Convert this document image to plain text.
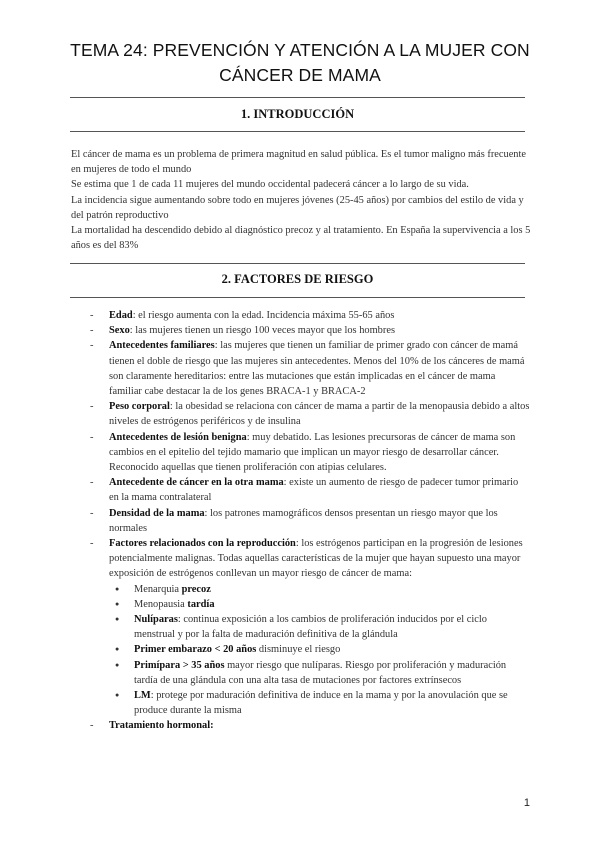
TEMA 24: PREVENCIÓN Y ATENCIÓN A LA MUJER CON
CÁNCER DE MAMA
1. INTRODUCCIÓN

El cáncer de mama es un problema de primera magnitud en salud pública. Es el tumor maligno más frecuente en mujeres de todo el mundo

Se estima que 1 de cada 11 mujeres del mundo occidental padecerá cáncer a lo largo de su vida.

La incidencia sigue aumentando sobre todo en mujeres jóvenes (25-45 años) por cambios del estilo de vida y del patrón reproductivo

La mortalidad ha descendido debido al diagnóstico precoz y al tratamiento. En España la supervivencia a los 5 años es del 83%

2. FACTORES DE RIESGO
- Edad: el riesgo aumenta con la edad. Incidencia máxima 55-65 años
- Sexo: las mujeres tienen un riesgo 100 veces mayor que los hombres
- Antecedentes familiares: las mujeres que tienen un familiar de primer grado con cáncer de mamá tienen el doble de riesgo que las mujeres sin antecedentes. Menos del 10% de los cánceres de mamá son claramente hereditarios: entre las mutaciones que están implicadas en el cáncer de mama familiar cabe destacar la de los genes BRACA-1 y BRACA-2
- Peso corporal: la obesidad se relaciona con cáncer de mama a partir de la menopausia debido a altos niveles de estrógenos periféricos y de insulina
- Antecedentes de lesión benigna: muy debatido. Las lesiones precursoras de cáncer de mama son cambios en el epitelio del tejido mamario que implican un mayor riesgo de desarrollar cáncer. Reconocido aquellas que tienen proliferación con atipias celulares.
- Antecedente de cáncer en la otra mama: existe un aumento de riesgo de padecer tumor primario en la mama contralateral
- Densidad de la mama: los patrones mamográficos densos presentan un riesgo mayor que los normales
- Factores relacionados con la reproducción: los estrógenos participan en la progresión de lesiones potencialmente malignas. Todas aquellas características de la mujer que hayan supuesto una mayor exposición de estrógenos conllevan un mayor riesgo de cáncer de mama:
● Menarquia precoz
● Menopausia tardía
● Nulíparas: continua exposición a los cambios de proliferación inducidos por el ciclo menstrual y por la falta de maduración definitiva de la glándula
● Primer embarazo < 20 años disminuye el riesgo
● Primípara > 35 años mayor riesgo que nulíparas. Riesgo por proliferación y maduración tardía de una glándula con una alta tasa de mutaciones por factores extrínsecos
● LM: protege por maduración definitiva de induce en la mama y por la anovulación que se produce durante la misma
- Tratamiento hormonal:
1
